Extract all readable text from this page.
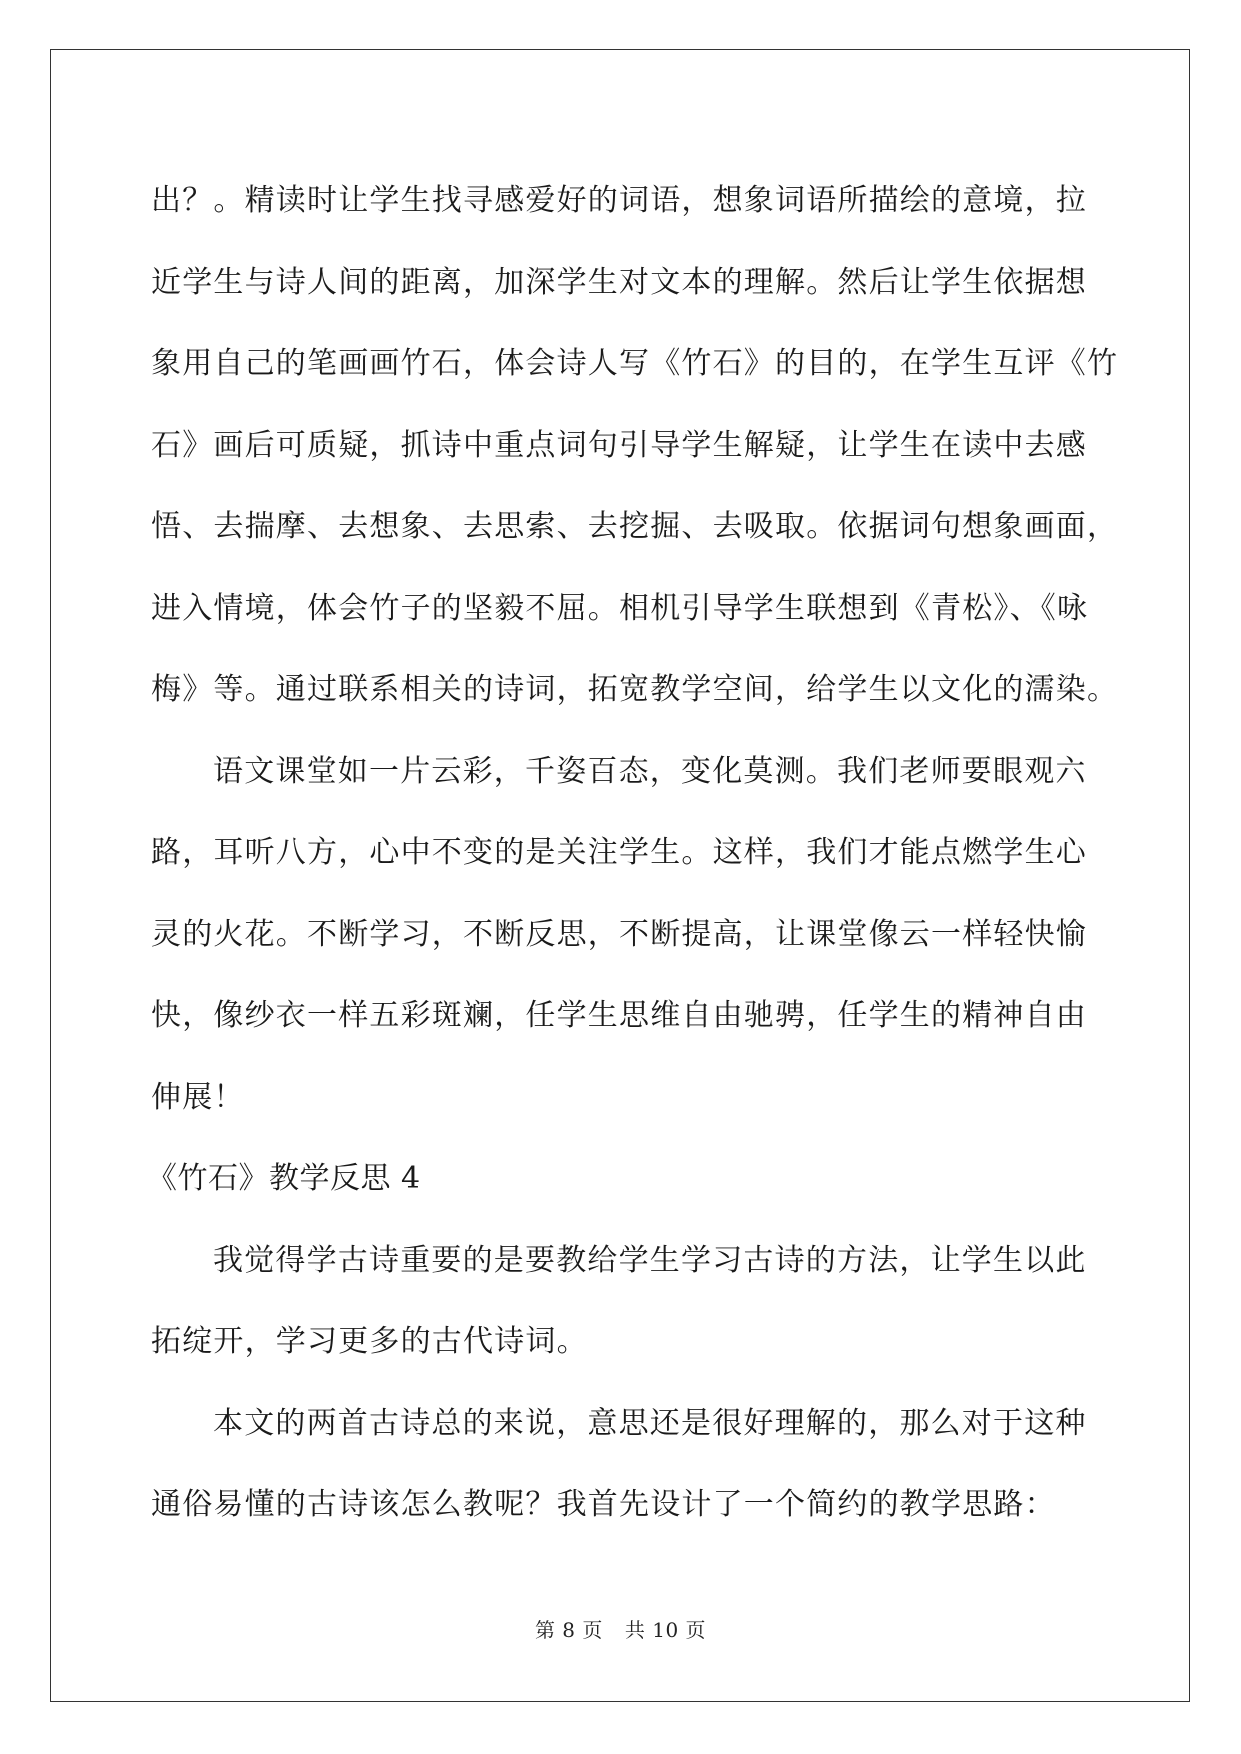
出？。精读时让学生找寻感爱好的词语，想象词语所描绘的意境，拉
近学生与诗人间的距离，加深学生对文本的理解。然后让学生依据想
象用自己的笔画画竹石，体会诗人写《竹石》的目的，在学生互评《竹
石》画后可质疑，抓诗中重点词句引导学生解疑，让学生在读中去感
悟、去揣摩、去想象、去思索、去挖掘、去吸取。依据词句想象画面，
进入情境，体会竹子的坚毅不屈。相机引导学生联想到《青松》、《咏
梅》等。通过联系相关的诗词，拓宽教学空间，给学生以文化的濡染。
语文课堂如一片云彩，千姿百态，变化莫测。我们老师要眼观六
路，耳听八方，心中不变的是关注学生。这样，我们才能点燃学生心
灵的火花。不断学习，不断反思，不断提高，让课堂像云一样轻快愉
快，像纱衣一样五彩斑斓，任学生思维自由驰骋，任学生的精神自由
伸展！
《竹石》教学反思 4
我觉得学古诗重要的是要教给学生学习古诗的方法，让学生以此
拓绽开，学习更多的古代诗词。
本文的两首古诗总的来说，意思还是很好理解的，那么对于这种
通俗易懂的古诗该怎么教呢？我首先设计了一个简约的教学思路：
第 8 页 共 10 页
